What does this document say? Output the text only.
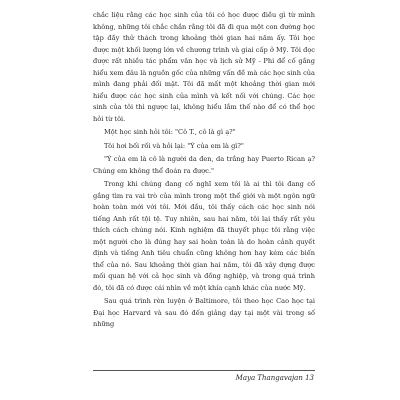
chắc liệu rằng các học sinh của tôi có học được điều gì từ mình không, những tôi chắc chắn rằng tôi đã đi qua một con đường học tập đầy thử thách trong khoảng thời gian hai năm ấy. Tôi học được một khối lượng lớn về chương trình và giai cấp ở Mỹ. Tôi đọc được rất nhiều tác phẩm văn học và lịch sử Mỹ - Phi để cố gắng hiểu xem đâu là nguồn gốc của những vấn đề mà các học sinh của mình đang phải đối mặt. Tôi đã mất một khoảng thời gian mới hiểu được các học sinh của mình và kết nối với chúng. Các học sinh của tôi thì ngược lại, không hiểu lắm thế nào để có thể học hỏi từ tôi.

Một học sinh hỏi tôi: "Cô T., cô là gì ạ?"

Tôi hơi bối rối và hỏi lại: "Ý của em là gì?"

"Ý của em là cô là người da đen, da trắng hay Puerto Rican ạ? Chúng em không thể đoán ra được."

Trong khi chúng đang cố nghĩ xem tôi là ai thì tôi đang cố gắng tìm ra vai trò của mình trong một thế giới và một ngôn ngữ hoàn toàn mới với tôi. Mới đầu, tôi thấy cách các học sinh nói tiếng Anh rất tội tệ. Tuy nhiên, sau hai năm, tôi lại thấy rất yêu thích cách chúng nói. Kinh nghiệm đã thuyết phục tôi rằng việc một người cho là đúng hay sai hoàn toàn là do hoàn cảnh quyết định và tiếng Anh tiêu chuẩn cũng không hơn hay kém các biến thể của nó. Sau khoảng thời gian hai năm, tôi đã xây dựng được mối quan hệ với cả học sinh và đồng nghiệp, và trong quá trình đó, tôi đã có được cái nhìn về một khía cạnh khác của nước Mỹ.

Sau quá trình rèn luyện ở Baltimore, tôi theo học Cao học tại Đại học Harvard và sau đó đến giảng dạy tại một vài trong số những

Maya Thangavajan 13
